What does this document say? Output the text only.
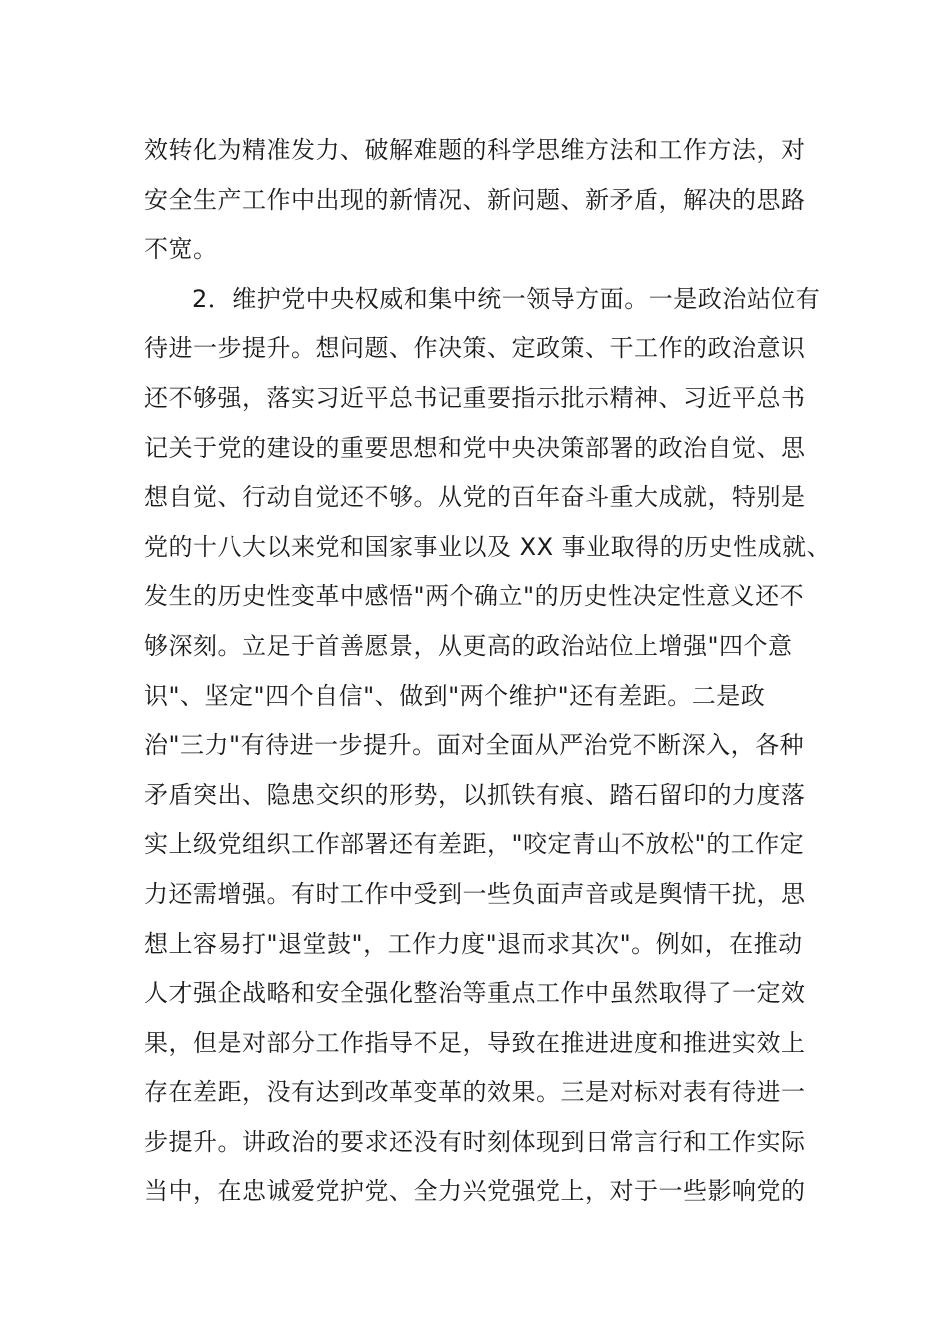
效转化为精准发力、破解难题的科学思维方法和工作方法，对
安全生产工作中出现的新情况、新问题、新矛盾，解决的思路
不宽。
2．维护党中央权威和集中统一领导方面。一是政治站位有
待进一步提升。想问题、作决策、定政策、干工作的政治意识
还不够强，落实习近平总书记重要指示批示精神、习近平总书
记关于党的建设的重要思想和党中央决策部署的政治自觉、思
想自觉、行动自觉还不够。从党的百年奋斗重大成就，特别是
党的十八大以来党和国家事业以及 XX 事业取得的历史性成就、
发生的历史性变革中感悟"两个确立"的历史性决定性意义还不
够深刻。立足于首善愿景，从更高的政治站位上增强"四个意
识"、坚定"四个自信"、做到"两个维护"还有差距。二是政
治"三力"有待进一步提升。面对全面从严治党不断深入，各种
矛盾突出、隐患交织的形势，以抓铁有痕、踏石留印的力度落
实上级党组织工作部署还有差距，"咬定青山不放松"的工作定
力还需增强。有时工作中受到一些负面声音或是舆情干扰，思
想上容易打"退堂鼓"，工作力度"退而求其次"。例如，在推动
人才强企战略和安全强化整治等重点工作中虽然取得了一定效
果，但是对部分工作指导不足，导致在推进进度和推进实效上
存在差距，没有达到改革变革的效果。三是对标对表有待进一
步提升。讲政治的要求还没有时刻体现到日常言行和工作实际
当中，在忠诚爱党护党、全力兴党强党上，对于一些影响党的
